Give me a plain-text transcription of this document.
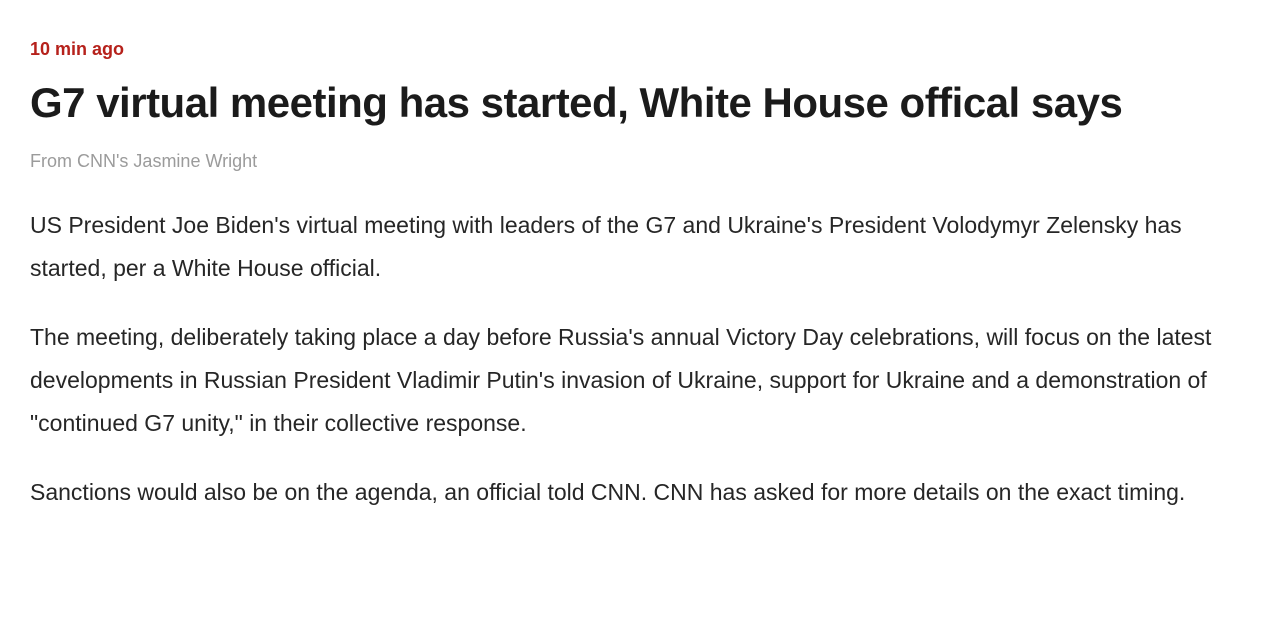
10 min ago
G7 virtual meeting has started, White House offical says
From CNN's Jasmine Wright

US President Joe Biden's virtual meeting with leaders of the G7 and Ukraine's President Volodymyr Zelensky has started, per a White House official.

The meeting, deliberately taking place a day before Russia's annual Victory Day celebrations, will focus on the latest developments in Russian President Vladimir Putin's invasion of Ukraine, support for Ukraine and a demonstration of "continued G7 unity," in their collective response.

Sanctions would also be on the agenda, an official told CNN. CNN has asked for more details on the exact timing.
